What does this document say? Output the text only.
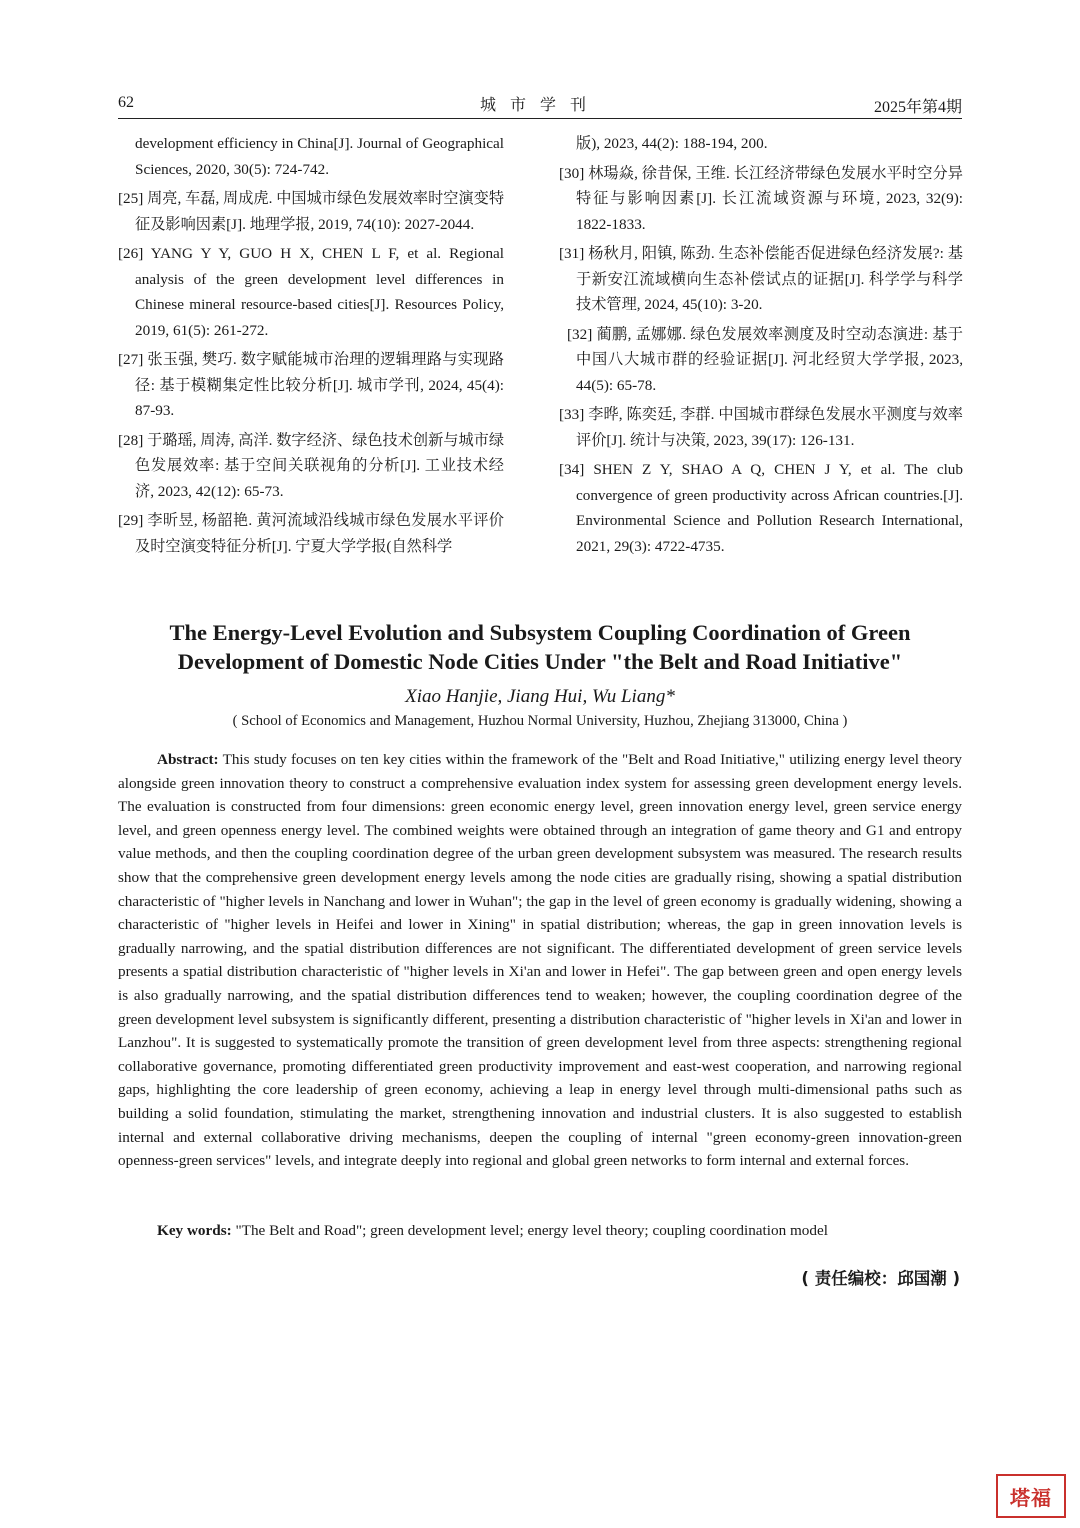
62	城市学刊	2025年第4期

development efficiency in China[J]. Journal of Geographical Sciences, 2020, 30(5): 724-742.

[25] 周亮, 车磊, 周成虎. 中国城市绿色发展效率时空演变特征及影响因素[J]. 地理学报, 2019, 74(10): 2027-2044.

[26] YANG Y Y, GUO H X, CHEN L F, et al. Regional analysis of the green development level differences in Chinese mineral resource-based cities[J]. Resources Policy, 2019, 61(5): 261-272.

[27] 张玉强, 樊巧. 数字赋能城市治理的逻辑理路与实现路径: 基于模糊集定性比较分析[J]. 城市学刊, 2024, 45(4): 87-93.

[28] 于璐瑶, 周涛, 高洋. 数字经济、绿色技术创新与城市绿色发展效率: 基于空间关联视角的分析[J]. 工业技术经济, 2023, 42(12): 65-73.

[29] 李昕昱, 杨韶艳. 黄河流域沿线城市绿色发展水平评价及时空演变特征分析[J]. 宁夏大学学报(自然科学

版), 2023, 44(2): 188-194, 200.

[30] 林瑒焱, 徐昔保, 王维. 长江经济带绿色发展水平时空分异特征与影响因素[J]. 长江流域资源与环境, 2023, 32(9): 1822-1833.

[31] 杨秋月, 阳镇, 陈劲. 生态补偿能否促进绿色经济发展?: 基于新安江流域横向生态补偿试点的证据[J]. 科学学与科学技术管理, 2024, 45(10): 3-20.

[32] 蔺鹏, 孟娜娜. 绿色发展效率测度及时空动态演进: 基于中国八大城市群的经验证据[J]. 河北经贸大学学报, 2023, 44(5): 65-78.

[33] 李晔, 陈奕廷, 李群. 中国城市群绿色发展水平测度与效率评价[J]. 统计与决策, 2023, 39(17): 126-131.

[34] SHEN Z Y, SHAO A Q, CHEN J Y, et al. The club convergence of green productivity across African countries.[J]. Environmental Science and Pollution Research International, 2021, 29(3): 4722-4735.

The Energy-Level Evolution and Subsystem Coupling Coordination of Green
Development of Domestic Node Cities Under "the Belt and Road Initiative"
Xiao Hanjie, Jiang Hui, Wu Liang*
( School of Economics and Management, Huzhou Normal University, Huzhou, Zhejiang 313000, China )

Abstract: This study focuses on ten key cities within the framework of the "Belt and Road Initiative," utilizing energy level theory alongside green innovation theory to construct a comprehensive evaluation index system for assessing green development energy levels. The evaluation is constructed from four dimensions: green economic energy level, green innovation energy level, green service energy level, and green openness energy level. The combined weights were obtained through an integration of game theory and G1 and entropy value methods, and then the coupling coordination degree of the urban green development subsystem was measured. The research results show that the comprehensive green development energy levels among the node cities are gradually rising, showing a spatial distribution characteristic of "higher levels in Nanchang and lower in Wuhan"; the gap in the level of green economy is gradually widening, showing a characteristic of "higher levels in Heifei and lower in Xining" in spatial distribution; whereas, the gap in green innovation levels is gradually narrowing, and the spatial distribution differences are not significant. The differentiated development of green service levels presents a spatial distribution characteristic of "higher levels in Xi'an and lower in Hefei". The gap between green and open energy levels is also gradually narrowing, and the spatial distribution differences tend to weaken; however, the coupling coordination degree of the green development level subsystem is significantly different, presenting a distribution characteristic of "higher levels in Xi'an and lower in Lanzhou". It is suggested to systematically promote the transition of green development level from three aspects: strengthening regional collaborative governance, promoting differentiated green productivity improvement and east-west cooperation, and narrowing regional gaps, highlighting the core leadership of green economy, achieving a leap in energy level through multi-dimensional paths such as building a solid foundation, stimulating the market, strengthening innovation and industrial clusters. It is also suggested to establish internal and external collaborative driving mechanisms, deepen the coupling of internal "green economy-green innovation-green openness-green services" levels, and integrate deeply into regional and global green networks to form internal and external forces.

Key words: "The Belt and Road"; green development level; energy level theory; coupling coordination model

( 责任编校：邱国潮 )
塔福
